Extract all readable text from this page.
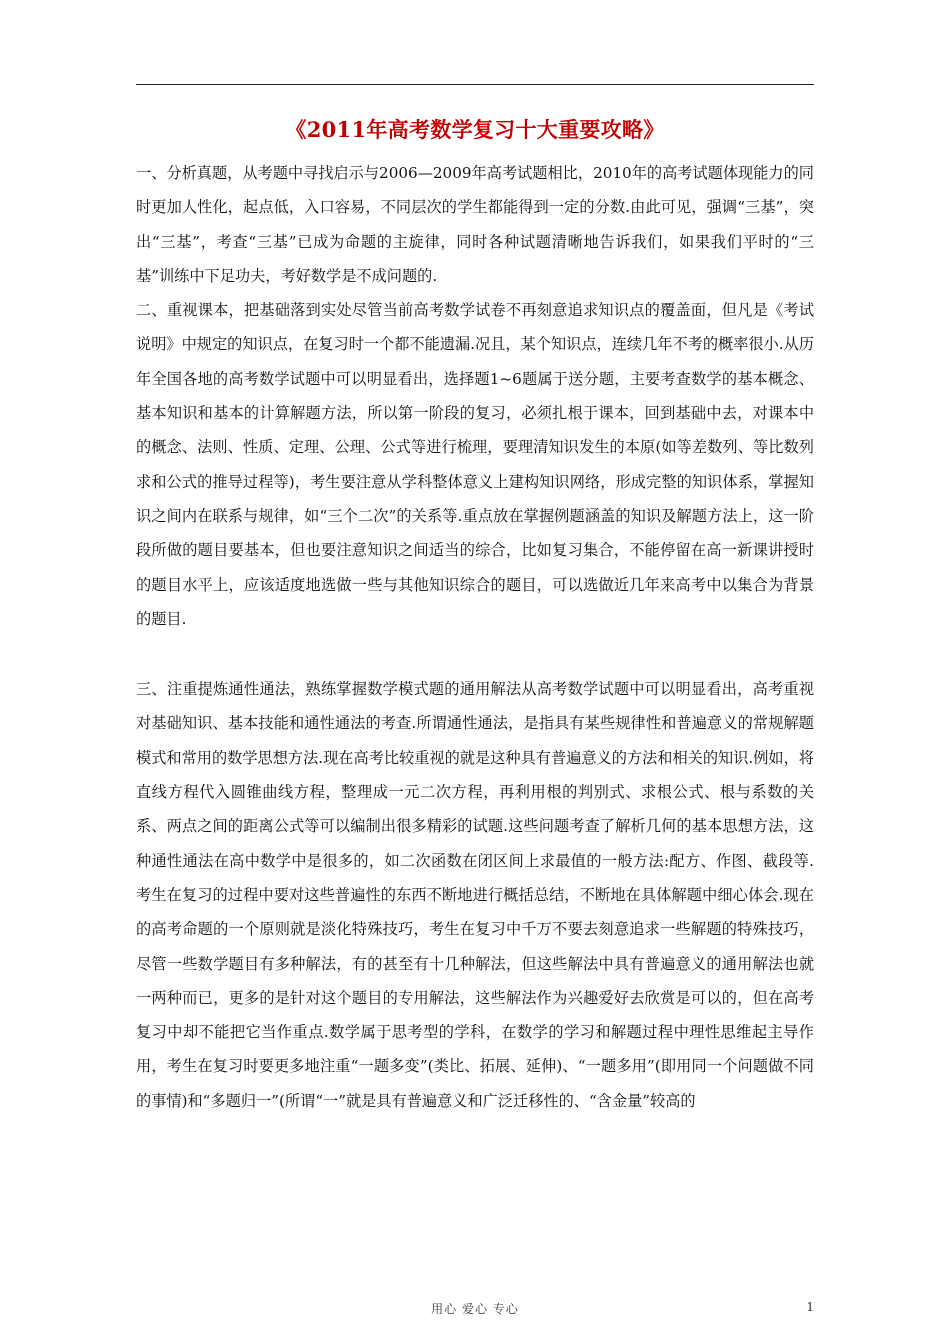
《2011年高考数学复习十大重要攻略》

一、分析真题，从考题中寻找启示与2006—2009年高考试题相比，2010年的高考试题体现能力的同时更加人性化，起点低，入口容易，不同层次的学生都能得到一定的分数.由此可见，强调“三基”，突出“三基”，考查“三基”已成为命题的主旋律，同时各种试题清晰地告诉我们，如果我们平时的“三基”训练中下足功夫，考好数学是不成问题的.

二、重视课本，把基础落到实处尽管当前高考数学试卷不再刻意追求知识点的覆盖面，但凡是《考试说明》中规定的知识点，在复习时一个都不能遗漏.况且，某个知识点，连续几年不考的概率很小.从历年全国各地的高考数学试题中可以明显看出，选择题1~6题属于送分题，主要考查数学的基本概念、基本知识和基本的计算解题方法，所以第一阶段的复习，必须扎根于课本，回到基础中去，对课本中的概念、法则、性质、定理、公理、公式等进行梳理，要理清知识发生的本原(如等差数列、等比数列求和公式的推导过程等)，考生要注意从学科整体意义上建构知识网络，形成完整的知识体系，掌握知识之间内在联系与规律，如“三个二次”的关系等.重点放在掌握例题涵盖的知识及解题方法上，这一阶段所做的题目要基本，但也要注意知识之间适当的综合，比如复习集合，不能停留在高一新课讲授时的题目水平上，应该适度地选做一些与其他知识综合的题目，可以选做近几年来高考中以集合为背景的题目.

三、注重提炼通性通法，熟练掌握数学模式题的通用解法从高考数学试题中可以明显看出，高考重视对基础知识、基本技能和通性通法的考查.所谓通性通法，是指具有某些规律性和普遍意义的常规解题模式和常用的数学思想方法.现在高考比较重视的就是这种具有普遍意义的方法和相关的知识.例如，将直线方程代入圆锥曲线方程，整理成一元二次方程，再利用根的判别式、求根公式、根与系数的关系、两点之间的距离公式等可以编制出很多精彩的试题.这些问题考查了解析几何的基本思想方法，这种通性通法在高中数学中是很多的，如二次函数在闭区间上求最值的一般方法:配方、作图、截段等.考生在复习的过程中要对这些普遍性的东西不断地进行概括总结，不断地在具体解题中细心体会.现在的高考命题的一个原则就是淡化特殊技巧，考生在复习中千万不要去刻意追求一些解题的特殊技巧，尽管一些数学题目有多种解法，有的甚至有十几种解法，但这些解法中具有普遍意义的通用解法也就一两种而已，更多的是针对这个题目的专用解法，这些解法作为兴趣爱好去欣赏是可以的，但在高考复习中却不能把它当作重点.数学属于思考型的学科，在数学的学习和解题过程中理性思维起主导作用，考生在复习时要更多地注重“一题多变”(类比、拓展、延伸)、“一题多用”(即用同一个问题做不同的事情)和“多题归一”(所谓“一”就是具有普遍意义和广泛迁移性的、“含金量”较高的

用心 爱心 专心	1
